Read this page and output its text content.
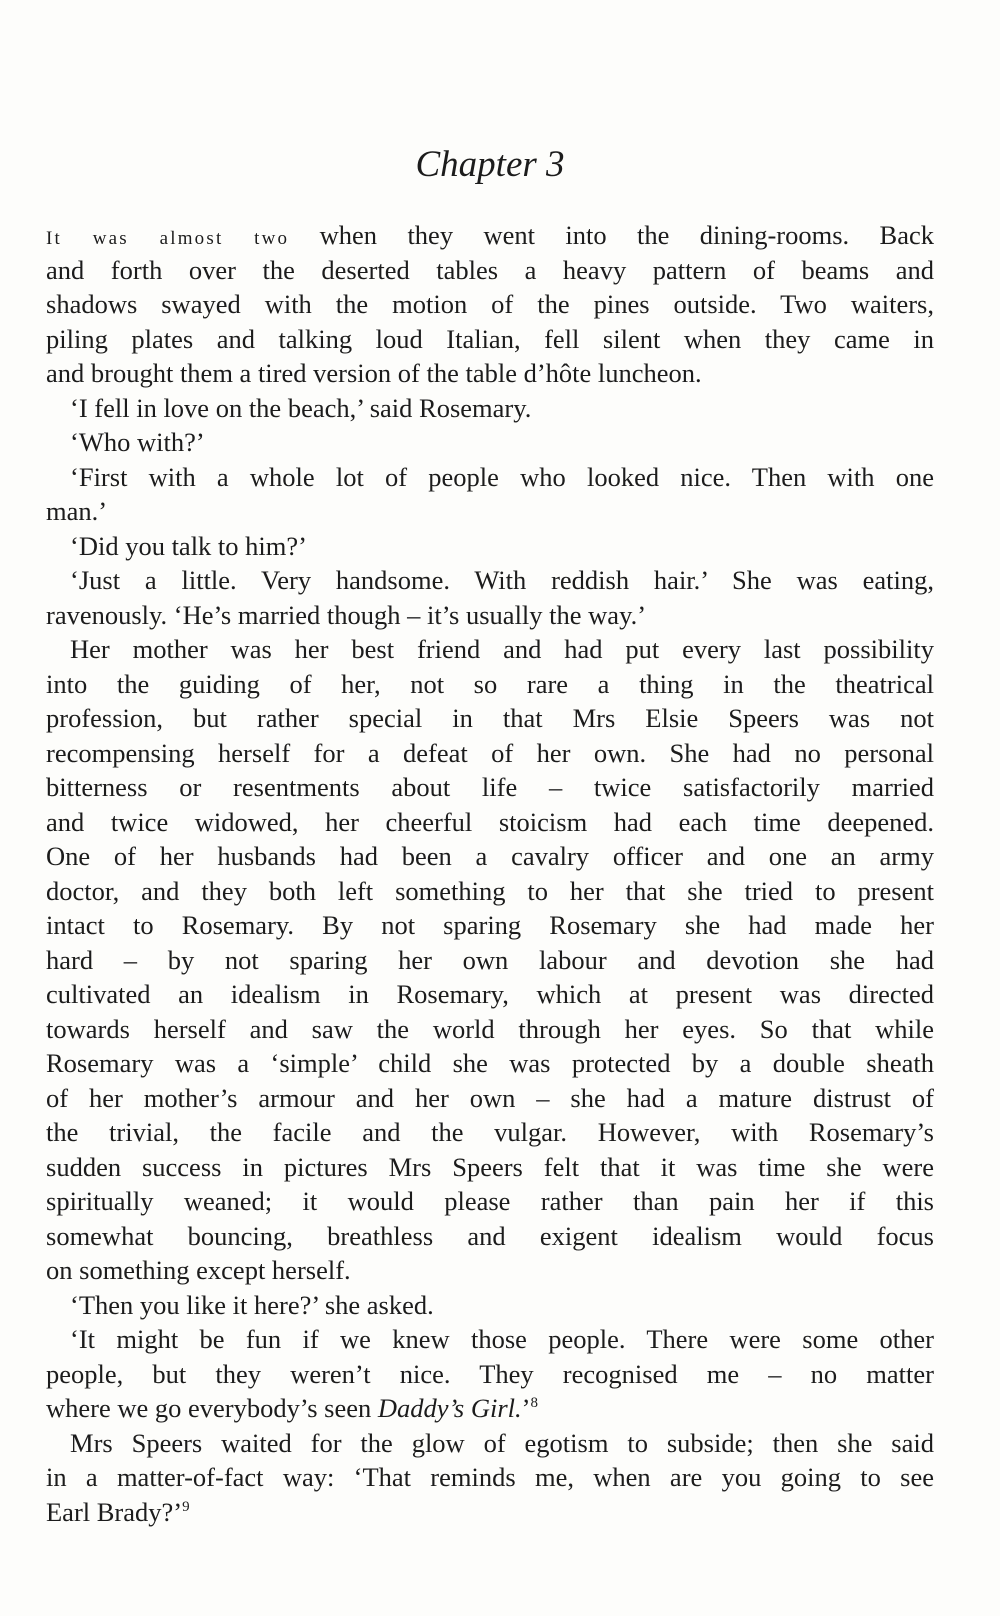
Chapter 3
It was almost two when they went into the dining-rooms. Back
and forth over the deserted tables a heavy pattern of beams and
shadows swayed with the motion of the pines outside. Two waiters,
piling plates and talking loud Italian, fell silent when they came in
and brought them a tired version of the table d’hôte luncheon.
‘I fell in love on the beach,’ said Rosemary.
‘Who with?’
‘First with a whole lot of people who looked nice. Then with one
man.’
‘Did you talk to him?’
‘Just a little. Very handsome. With reddish hair.’ She was eating,
ravenously. ‘He’s married though – it’s usually the way.’
Her mother was her best friend and had put every last possibility
into the guiding of her, not so rare a thing in the theatrical
profession, but rather special in that Mrs Elsie Speers was not
recompensing herself for a defeat of her own. She had no personal
bitterness or resentments about life – twice satisfactorily married
and twice widowed, her cheerful stoicism had each time deepened.
One of her husbands had been a cavalry officer and one an army
doctor, and they both left something to her that she tried to present
intact to Rosemary. By not sparing Rosemary she had made her
hard – by not sparing her own labour and devotion she had
cultivated an idealism in Rosemary, which at present was directed
towards herself and saw the world through her eyes. So that while
Rosemary was a ‘simple’ child she was protected by a double sheath
of her mother’s armour and her own – she had a mature distrust of
the trivial, the facile and the vulgar. However, with Rosemary’s
sudden success in pictures Mrs Speers felt that it was time she were
spiritually weaned; it would please rather than pain her if this
somewhat bouncing, breathless and exigent idealism would focus
on something except herself.
‘Then you like it here?’ she asked.
‘It might be fun if we knew those people. There were some other
people, but they weren’t nice. They recognised me – no matter
where we go everybody’s seen Daddy’s Girl.’$^8$
Mrs Speers waited for the glow of egotism to subside; then she said
in a matter-of-fact way: ‘That reminds me, when are you going to see
Earl Brady?’$^9$
